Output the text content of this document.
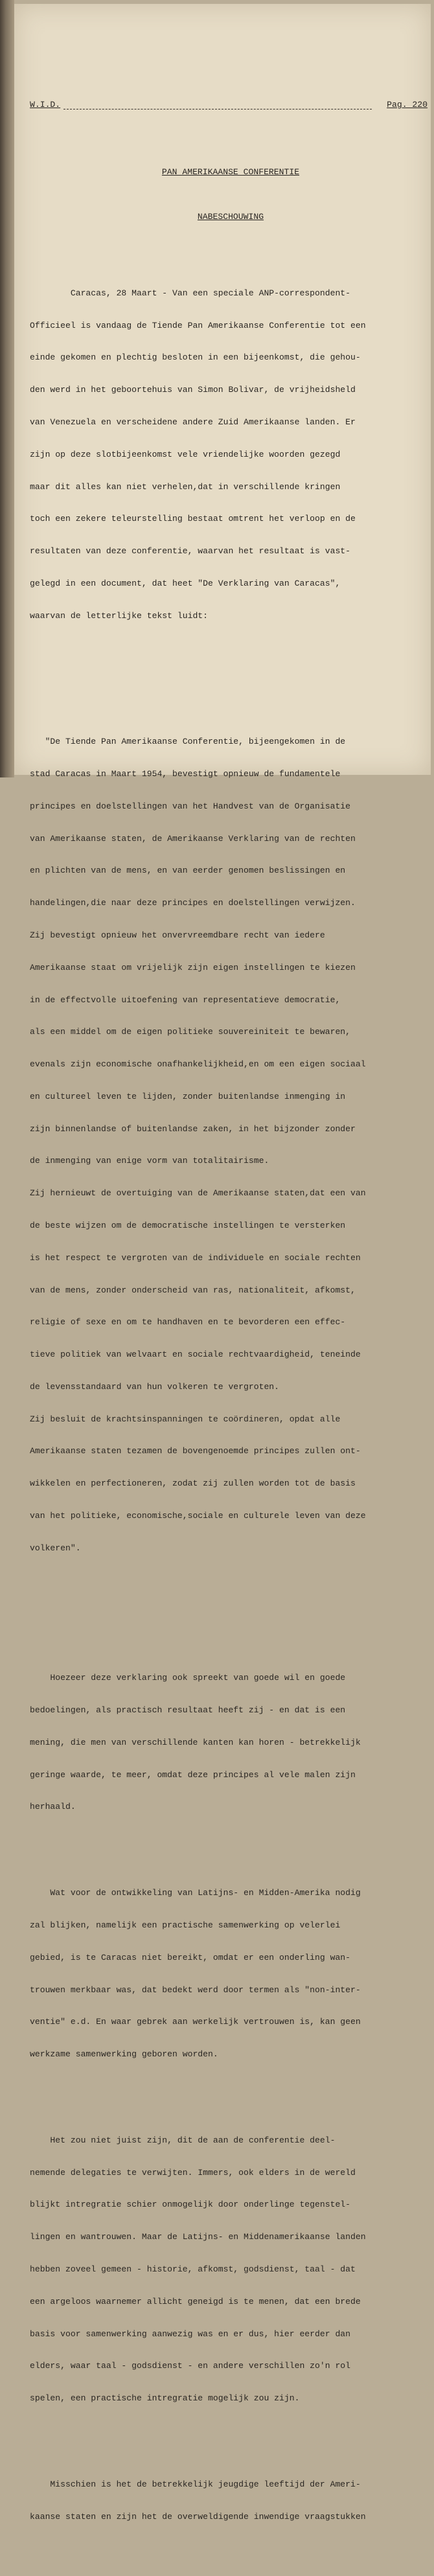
W.I.D.

	Pag. 220

PAN AMERIKAANSE CONFERENTIE

NABESCHOUWING

Caracas, 28 Maart - Van een speciale ANP-correspondent-

Officieel is vandaag de Tiende Pan Amerikaanse Conferentie tot een

einde gekomen en plechtig besloten in een bijeenkomst, die gehou-

den werd in het geboortehuis van Simon Bolivar, de vrijheidsheld

van Venezuela en verscheidene andere Zuid Amerikaanse landen. Er

zijn op deze slotbijeenkomst vele vriendelijke woorden gezegd

maar dit alles kan niet verhelen,dat in verschillende kringen

toch een zekere teleurstelling bestaat omtrent het verloop en de

resultaten van deze conferentie, waarvan het resultaat is vast-

gelegd in een document, dat heet "De Verklaring van Caracas",

waarvan de letterlijke tekst luidt:

"De Tiende Pan Amerikaanse Conferentie, bijeengekomen in de

stad Caracas in Maart 1954, bevestigt opnieuw de fundamentele

principes en doelstellingen van het Handvest van de Organisatie

van Amerikaanse staten, de Amerikaanse Verklaring van de rechten

en plichten van de mens, en van eerder genomen beslissingen en

handelingen,die naar deze principes en doelstellingen verwijzen.

Zij bevestigt opnieuw het onvervreemdbare recht van iedere

Amerikaanse staat om vrijelijk zijn eigen instellingen te kiezen

in de effectvolle uitoefening van representatieve democratie,

als een middel om de eigen politieke souvereiniteit te bewaren,

evenals zijn economische onafhankelijkheid,en om een eigen sociaal

en cultureel leven te lijden, zonder buitenlandse inmenging in

zijn binnenlandse of buitenlandse zaken, in het bijzonder zonder

de inmenging van enige vorm van totalitairisme.

Zij hernieuwt de overtuiging van de Amerikaanse staten,dat een van

de beste wijzen om de democratische instellingen te versterken

is het respect te vergroten van de individuele en sociale rechten

van de mens, zonder onderscheid van ras, nationaliteit, afkomst,

religie of sexe en om te handhaven en te bevorderen een effec-

tieve politiek van welvaart en sociale rechtvaardigheid, teneinde

de levensstandaard van hun volkeren te vergroten.

Zij besluit de krachtsinspanningen te coördineren, opdat alle

Amerikaanse staten tezamen de bovengenoemde principes zullen ont-

wikkelen en perfectioneren, zodat zij zullen worden tot de basis

van het politieke, economische,sociale en culturele leven van deze

volkeren".

Hoezeer deze verklaring ook spreekt van goede wil en goede

bedoelingen, als practisch resultaat heeft zij - en dat is een

mening, die men van verschillende kanten kan horen - betrekkelijk

geringe waarde, te meer, omdat deze principes al vele malen zijn

herhaald.

Wat voor de ontwikkeling van Latijns- en Midden-Amerika nodig

zal blijken, namelijk een practische samenwerking op velerlei

gebied, is te Caracas niet bereikt, omdat er een onderling wan-

trouwen merkbaar was, dat bedekt werd door termen als "non-inter-

ventie" e.d. En waar gebrek aan werkelijk vertrouwen is, kan geen

werkzame samenwerking geboren worden.

Het zou niet juist zijn, dit de aan de conferentie deel-

nemende delegaties te verwijten. Immers, ook elders in de wereld

blijkt intregratie schier onmogelijk door onderlinge tegenstel-

lingen en wantrouwen. Maar de Latijns- en Middenamerikaanse landen

hebben zoveel gemeen - historie, afkomst, godsdienst, taal - dat

een argeloos waarnemer allicht geneigd is te menen, dat een brede

basis voor samenwerking aanwezig was en er dus, hier eerder dan

elders, waar taal - godsdienst - en andere verschillen zo'n rol

spelen, een practische intregratie mogelijk zou zijn.

Misschien is het de betrekkelijk jeugdige leeftijd der Ameri-

kaanse staten en zijn het de overweldigende inwendige vraagstukken
